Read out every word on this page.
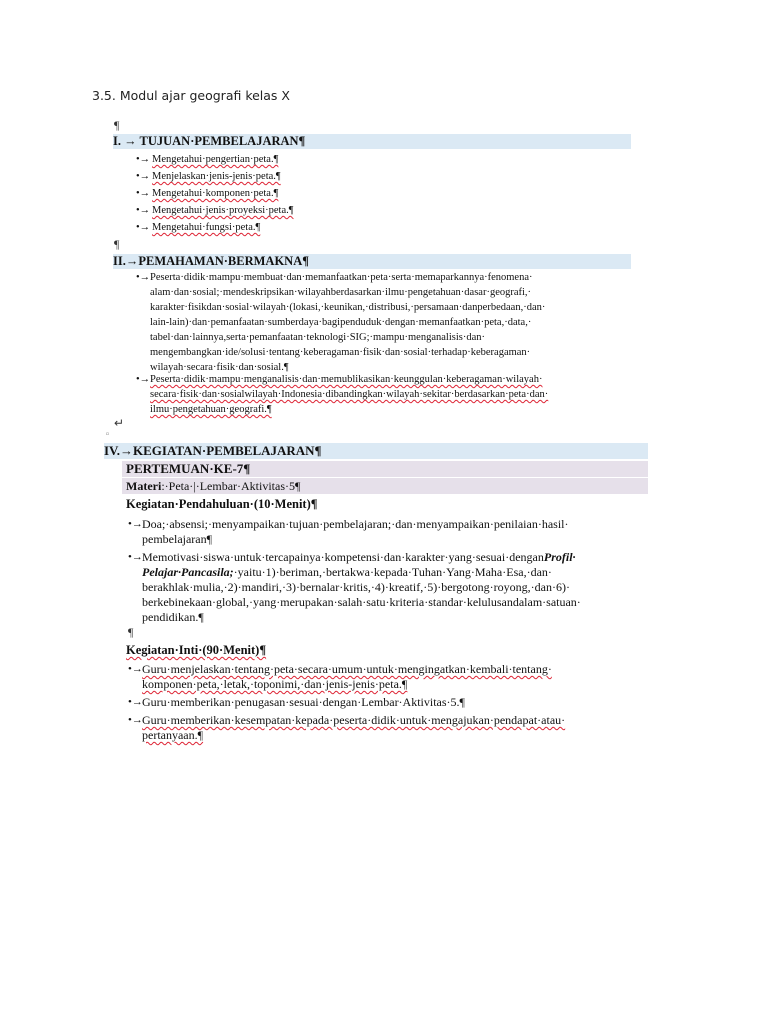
3.5. Modul ajar geografi kelas X
¶
I. → TUJUAN·PEMBELAJARAN¶
•→ Mengetahui·pengertian·peta.¶
•→ Menjelaskan·jenis-jenis·peta.¶
•→ Mengetahui·komponen·peta.¶
•→ Mengetahui·jenis·proyeksi·peta.¶
•→ Mengetahui·fungsi·peta.¶
¶
II.→PEMAHAMAN·BERMAKNA¶
•→ Peserta·didik·mampu·membuat·dan·memanfaatkan·peta·serta·memaparkannya·fenomena·
alam·dan·sosial;·mendeskripsikan·wilayahberdasarkan·ilmu·pengetahuan·dasar·geografi,·
karakter·fisikdan·sosial·wilayah·(lokasi,·keunikan,·distribusi,·persamaan·danperbedaan,·dan·
lain-lain)·dan·pemanfaatan·sumberdaya·bagipenduduk·dengan·memanfaatkan·peta,·data,·
tabel·dan·lainnya,serta·pemanfaatan·teknologi·SIG;·mampu·menganalisis·dan·
mengembangkan·ide/solusi·tentang·keberagaman·fisik·dan·sosial·terhadap·keberagaman·
wilayah·secara·fisik·dan·sosial.¶
•→ Peserta·didik·mampu·menganalisis·dan·memublikasikan·keunggulan·keberagaman·wilayah·
secara·fisik·dan·sosialwilayah·Indonesia·dibandingkan·wilayah·sekitar·berdasarkan·peta·dan·
ilmu·pengetahuan·geografi.¶
↵
¤
IV.→KEGIATAN·PEMBELAJARAN¶
PERTEMUAN·KE-7¶
Materi:·Peta·|·Lembar·Aktivitas·5¶
Kegiatan·Pendahuluan·(10·Menit)¶
•→ Doa;·absensi;·menyampaikan·tujuan·pembelajaran;·dan·menyampaikan·penilaian·hasil·
pembelajaran¶
•→ Memotivasi·siswa·untuk·tercapainya·kompetensi·dan·karakter·yang·sesuai·denganProfil·
Pelajar·Pancasila;·yaitu·1)·beriman,·bertakwa·kepada·Tuhan·Yang·Maha·Esa,·dan·
berakhlak·mulia,·2)·mandiri,·3)·bernalar·kritis,·4)·kreatif,·5)·bergotong·royong,·dan·6)·
berkebinekaan·global,·yang·merupakan·salah·satu·kriteria·standar·kelulusandalam·satuan·
pendidikan.¶
¶
Kegiatan·Inti·(90·Menit)¶
•→ Guru·menjelaskan·tentang·peta·secara·umum·untuk·mengingatkan·kembali·tentang·
komponen·peta,·letak,·toponimi,·dan·jenis-jenis·peta.¶
•→ Guru·memberikan·penugasan·sesuai·dengan·Lembar·Aktivitas·5.¶
•→ Guru·memberikan·kesempatan·kepada·peserta·didik·untuk·mengajukan·pendapat·atau·
pertanyaan.¶
